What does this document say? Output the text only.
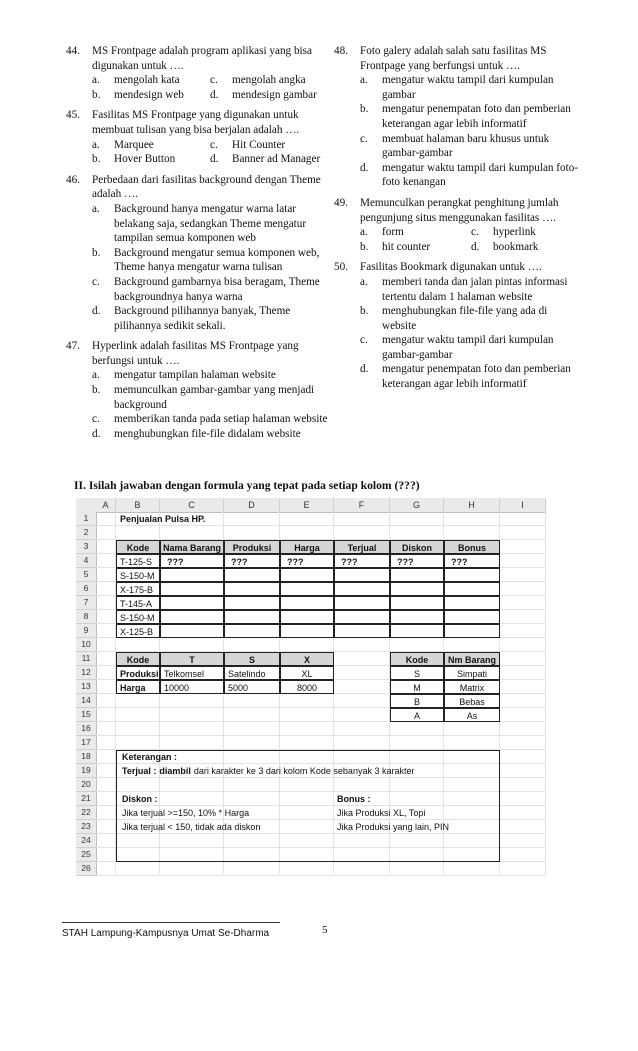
44. MS Frontpage adalah program aplikasi yang bisa digunakan untuk ….
a. mengolah kata	c. mengolah angka
b. mendesign web	d. mendesign gambar
45. Fasilitas MS Frontpage yang digunakan untuk membuat tulisan yang bisa berjalan adalah ….
a. Marquee	c. Hit Counter
b. Hover Button	d. Banner ad Manager
46. Perbedaan dari fasilitas background dengan Theme adalah ….
a. Background hanya mengatur warna latar belakang saja, sedangkan Theme mengatur tampilan semua komponen web
b. Background mengatur semua komponen web, Theme hanya mengatur warna tulisan
c. Background gambarnya bisa beragam, Theme backgroundnya hanya warna
d. Background pilihannya banyak, Theme pilihannya sedikit sekali.
47. Hyperlink adalah fasilitas MS Frontpage yang berfungsi untuk ….
a. mengatur tampilan halaman website
b. memunculkan gambar-gambar yang menjadi background
c. memberikan tanda pada setiap halaman website
d. menghubungkan file-file didalam website
48. Foto galery adalah salah satu fasilitas MS Frontpage yang berfungsi untuk ….
a. mengatur waktu tampil dari kumpulan gambar
b. mengatur penempatan foto dan pemberian keterangan agar lebih informatif
c. membuat halaman baru khusus untuk gambar-gambar
d. mengatur waktu tampil dari kumpulan foto-foto kenangan
49. Memunculkan perangkat penghitung jumlah pengunjung situs menggunakan fasilitas ….
a. form	c. hyperlink
b. hit counter	d. bookmark
50. Fasilitas Bookmark digunakan untuk ….
a. memberi tanda dan jalan pintas informasi tertentu dalam 1 halaman website
b. menghubungkan file-file yang ada di website
c. mengatur waktu tampil dari kumpulan gambar-gambar
d. mengatur penempatan foto dan pemberian keterangan agar lebih informatif
II. Isilah jawaban dengan formula yang tepat pada setiap kolom (???)
A	B	C	D	E	F	G	H	I
1
2
3
4
5
6
7
8
9
10
11
12
13
14
15
16
17
18
19
20
21
22
23
24
25
26
Penjualan Pulsa HP.
Kode	Nama Barang	Produksi	Harga	Terjual	Diskon	Bonus
T-125-S	???	???	???	???	???	???
S-150-M
X-175-B
T-145-A
S-150-M
X-125-B
Kode	T	S	X
Produksi Telkomsel	Satelindo	XL
Harga	10000	5000	8000
Kode	Nm Barang
S	Simpati
M	Matrix
B	Bebas
A	As
Keterangan :
Terjual : diambil dari karakter ke 3 dari kolom Kode sebanyak 3 karakter
Diskon :
Jika terjual >=150, 10% * Harga
Jika terjual < 150, tidak ada diskon
Bonus :
Jika Produksi XL, Topi
Jika Produksi yang lain, PIN
STAH Lampung-Kampusnya Umat Se-Dharma	5
